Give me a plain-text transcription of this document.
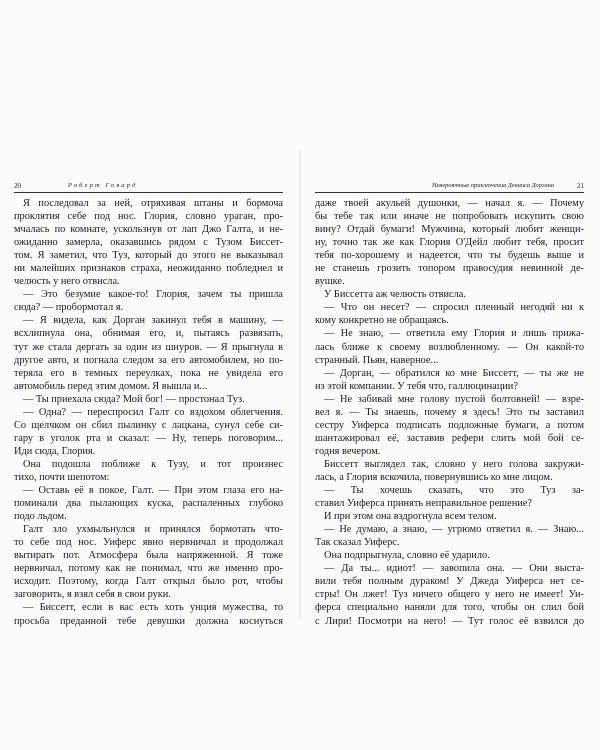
20	Роберт Говард
Я последовал за ней, отряхивая штаны и бормоча
проклятия себе под нос. Глория, словно ураган, про-
мчалась по комнате, ускользнув от лап Джо Галта, и не-
ожиданно замерла, оказавшись рядом с Тузом Биссет-
том. Я заметил, что Туз, который до этого не выказывал
ни малейших признаков страха, неожиданно побледнел и
челюсть у него отвисла.
— Это безумие какое-то! Глория, зачем ты пришла
сюда? — пробормотал я.
— Я видела, как Дорган закинул тебя в машину, —
всхлипнула она, обнимая его, и, пытаясь развязать,
тут же стала дергать за один из шнуров. — Я прыгнула в
другое авто, и погнала следом за его автомобилем, но по-
теряла его в темных переулках, пока не увидела его
автомобиль перед этим домом. Я вышла и...
— Ты приехала сюда? Мой бог! — простонал Туз.
— Одна? — переспросил Галт со вздохом облегчения.
Со щелчком он сбил пылинку с лацкана, сунул себе си-
гару в уголок рта и сказал: — Ну, теперь поговорим...
Иди сюда, Глория.
Она подошла поближе к Тузу, и тот произнес
тихо, почти шепотом:
— Оставь её в покое, Галт. — При этом глаза его на-
поминали два пылающих куска, распаленных глубоко
подо льдом.
Галт зло ухмыльнулся и принялся бормотать что-
то себе под нос. Уиферс явно нервничал и продолжал
вытирать пот. Атмосфера была напряженной. Я тоже
нервничал, потому как не понимал, что же именно про-
исходит. Поэтому, когда Галт открыл было рот, чтобы
заговорить, я взял себя в свои руки.
— Биссетт, если в вас есть хоть унция мужества, то
просьба преданной тебе девушки должна коснуться
Невероятные приключения Денниса Доргана	21
даже твоей акульей душонки, — начал я. — Почему
бы тебе так или иначе не попробовать искупить свою
вину? Отдай бумаги! Мужчина, который любит женщи-
ну, точно так же как Глория О'Дейл любит тебя, просит
тебя по-хорошему и надеется, что ты будешь выше и
не станешь грозить топором правосудия невинной де-
вушке.
У Биссетта аж челюсть отвисла.
— Что он несет? — спросил пленный негодяй ни к
кому конкретно не обращаясь.
— Не знаю, — ответила ему Глория и лишь прижа-
лась ближе к своему возлюбленному. — Он какой-то
странный. Пьян, наверное...
— Дорган, — обратился ко мне Биссетт, — ты же не
из этой компании. У тебя что, галлюцинации?
— Не забивай мне голову пустой болтовней! — взре-
вел я. — Ты знаешь, почему я здесь! Это ты заставил
сестру Уиферса подписать подложные бумаги, а потом
шантажировал её, заставив рефери слить мой бой се-
годня вечером.
Биссетт выглядел так, словно у него голова закружи-
лась, а Глория вскочила, повернувшись ко мне лицом.
— Ты хочешь сказать, что это Туз за-
ставил Уиферса принять неправильное решение?
И при этом она вздрогнула всем телом.
— Не думаю, а знаю, — угрюмо ответил я. — Знаю...
Так сказал Уиферс.
Она подпрыгнула, словно её ударило.
— Да ты... идиот! — завопила она. — Они выста-
вили тебя полным дураком! У Джеда Уиферса нет се-
стры! Он лжет! Туз ничего общего у него не имеет! Уи-
ферса специально наняли для того, чтобы он слил бой
с Лири! Посмотри на него! — Тут голос её взвился до
